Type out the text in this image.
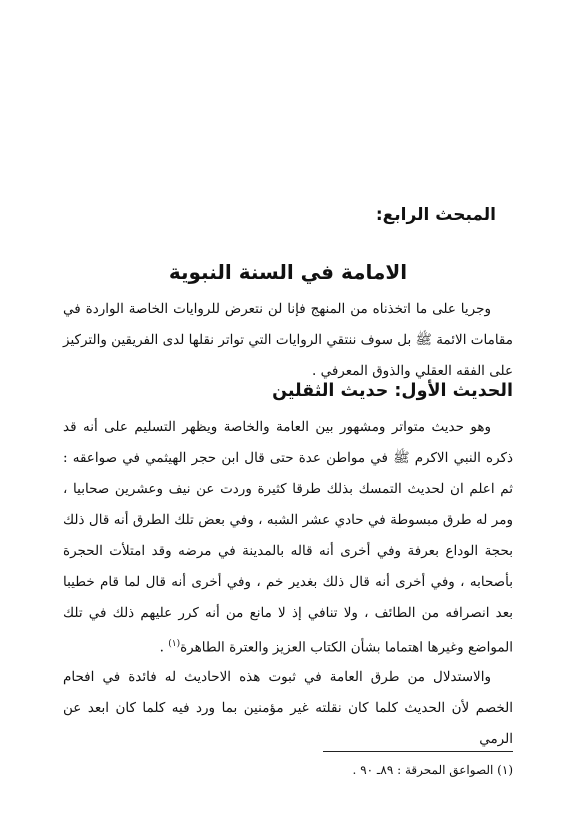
المبحث الرابع:
الامامة في السنة النبوية

وجريا على ما اتخذناه من المنهج فإنا لن نتعرض للروايات الخاصة الواردة في مقامات الائمة ﷺ بل سوف ننتقي الروايات التي تواتر نقلها لدى الفريقين والتركيز على الفقه العقلي والذوق المعرفي .

الحديث الأول: حديث الثقلين

وهو حديث متواتر ومشهور بين العامة والخاصة ويظهر التسليم على أنه قد ذكره النبي الاكرم ﷺ في مواطن عدة حتى قال ابن حجر الهيثمي في صواعقه : ثم اعلم ان لحديث التمسك بذلك طرقا كثيرة وردت عن نيف وعشرين صحابيا ، ومر له طرق مبسوطة في حادي عشر الشبه ، وفي بعض تلك الطرق أنه قال ذلك بحجة الوداع بعرفة وفي أخرى أنه قاله بالمدينة في مرضه وقد امتلأت الحجرة بأصحابه ، وفي أخرى أنه قال ذلك بغدير خم ، وفي أخرى أنه قال لما قام خطيبا بعد انصرافه من الطائف ، ولا تنافي إذ لا مانع من أنه كرر عليهم ذلك في تلك المواضع وغيرها اهتماما بشأن الكتاب العزيز والعترة الطاهرة$^{(١)}$ .

والاستدلال من طرق العامة في ثبوت هذه الاحاديث له فائدة في افحام الخصم لأن الحديث كلما كان نقلته غير مؤمنين بما ورد فيه كلما كان ابعد عن الرمي

(١) الصواعق المحرقة : ٨٩ـ ٩٠ .
